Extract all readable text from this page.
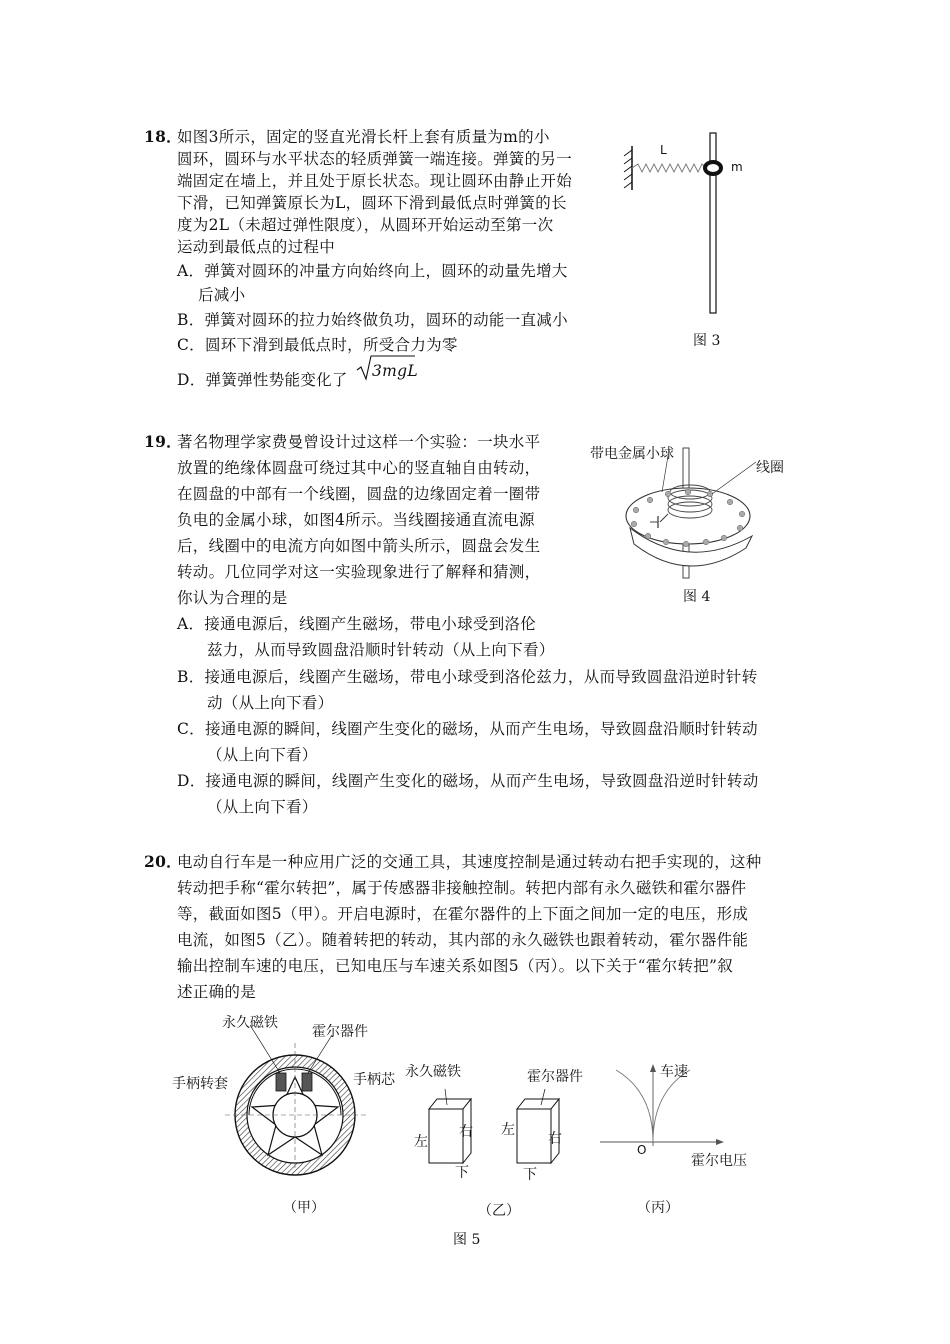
18．
如图3所示，固定的竖直光滑长杆上套有质量为m的小
圆环，圆环与水平状态的轻质弹簧一端连接。弹簧的另一
端固定在墙上，并且处于原长状态。现让圆环由静止开始
下滑，已知弹簧原长为L，圆环下滑到最低点时弹簧的长
度为2L（未超过弹性限度），从圆环开始运动至第一次
运动到最低点的过程中
A．弹簧对圆环的冲量方向始终向上，圆环的动量先增大
后减小
B．弹簧对圆环的拉力始终做负功，圆环的动能一直减小
C．圆环下滑到最低点时，所受合力为零
D．弹簧弹性势能变化了 3mgL
L
m
图 3
19．
著名物理学家费曼曾设计过这样一个实验：一块水平
放置的绝缘体圆盘可绕过其中心的竖直轴自由转动，
在圆盘的中部有一个线圈，圆盘的边缘固定着一圈带
负电的金属小球，如图4所示。当线圈接通直流电源
后，线圈中的电流方向如图中箭头所示，圆盘会发生
转动。几位同学对这一实验现象进行了解释和猜测，
你认为合理的是
A．接通电源后，线圈产生磁场，带电小球受到洛伦
兹力，从而导致圆盘沿顺时针转动（从上向下看）
B．接通电源后，线圈产生磁场，带电小球受到洛伦兹力，从而导致圆盘沿逆时针转
动（从上向下看）
C．接通电源的瞬间，线圈产生变化的磁场，从而产生电场，导致圆盘沿顺时针转动
（从上向下看）
D．接通电源的瞬间，线圈产生变化的磁场，从而产生电场，导致圆盘沿逆时针转动
（从上向下看）
带电金属小球
线圈
图 4
20．
电动自行车是一种应用广泛的交通工具，其速度控制是通过转动右把手实现的，这种
转动把手称“霍尔转把”，属于传感器非接触控制。转把内部有永久磁铁和霍尔器件
等，截面如图5（甲）。开启电源时，在霍尔器件的上下面之间加一定的电压，形成
电流，如图5（乙）。随着转把的转动，其内部的永久磁铁也跟着转动，霍尔器件能
输出控制车速的电压，已知电压与车速关系如图5（丙）。以下关于“霍尔转把”叙
述正确的是
永久磁铁
霍尔器件
手柄转套	手柄芯
（甲）
永久磁铁	霍尔器件
左
右
下
左
右
下
（乙）
车速
霍尔电压
O
（丙）
图 5
